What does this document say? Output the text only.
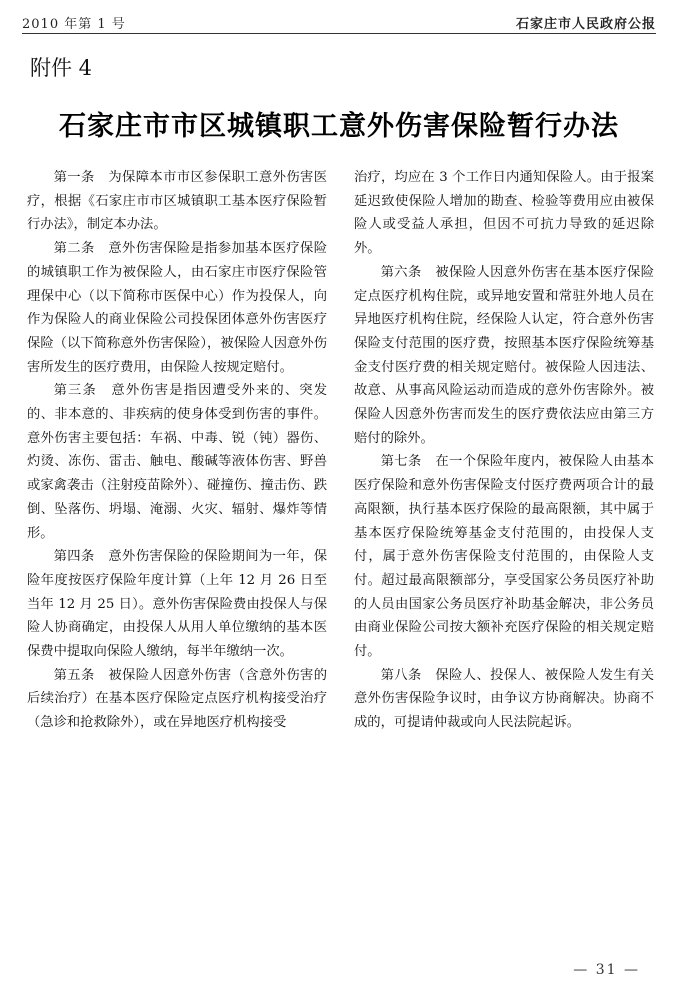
2010 年第 1 号	石家庄市人民政府公报
附件 4
石家庄市市区城镇职工意外伤害保险暂行办法

第一条　为保障本市市区参保职工意外伤害医疗，根据《石家庄市市区城镇职工基本医疗保险暂行办法》，制定本办法。

第二条　意外伤害保险是指参加基本医疗保险的城镇职工作为被保险人，由石家庄市医疗保险管理保中心（以下简称市医保中心）作为投保人，向作为保险人的商业保险公司投保团体意外伤害医疗保险（以下简称意外伤害保险），被保险人因意外伤害所发生的医疗费用，由保险人按规定赔付。

第三条　意外伤害是指因遭受外来的、突发的、非本意的、非疾病的使身体受到伤害的事件。意外伤害主要包括：车祸、中毒、锐（钝）器伤、灼烫、冻伤、雷击、触电、酸碱等液体伤害、野兽或家禽袭击（注射疫苗除外）、碰撞伤、撞击伤、跌倒、坠落伤、坍塌、淹溺、火灾、辐射、爆炸等情形。

第四条　意外伤害保险的保险期间为一年，保险年度按医疗保险年度计算（上年 12 月 26 日至当年 12 月 25 日）。意外伤害保险费由投保人与保险人协商确定，由投保人从用人单位缴纳的基本医保费中提取向保险人缴纳，每半年缴纳一次。

第五条　被保险人因意外伤害（含意外伤害的后续治疗）在基本医疗保险定点医疗机构接受治疗（急诊和抢救除外），或在异地医疗机构接受

治疗，均应在 3 个工作日内通知保险人。由于报案延迟致使保险人增加的勘查、检验等费用应由被保险人或受益人承担，但因不可抗力导致的延迟除外。

第六条　被保险人因意外伤害在基本医疗保险定点医疗机构住院，或异地安置和常驻外地人员在异地医疗机构住院，经保险人认定，符合意外伤害保险支付范围的医疗费，按照基本医疗保险统筹基金支付医疗费的相关规定赔付。被保险人因违法、故意、从事高风险运动而造成的意外伤害除外。被保险人因意外伤害而发生的医疗费依法应由第三方赔付的除外。

第七条　在一个保险年度内，被保险人由基本医疗保险和意外伤害保险支付医疗费两项合计的最高限额，执行基本医疗保险的最高限额，其中属于基本医疗保险统筹基金支付范围的，由投保人支付，属于意外伤害保险支付范围的，由保险人支付。超过最高限额部分，享受国家公务员医疗补助的人员由国家公务员医疗补助基金解决，非公务员由商业保险公司按大额补充医疗保险的相关规定赔付。

第八条　保险人、投保人、被保险人发生有关意外伤害保险争议时，由争议方协商解决。协商不成的，可提请仲裁或向人民法院起诉。

— 31 —
